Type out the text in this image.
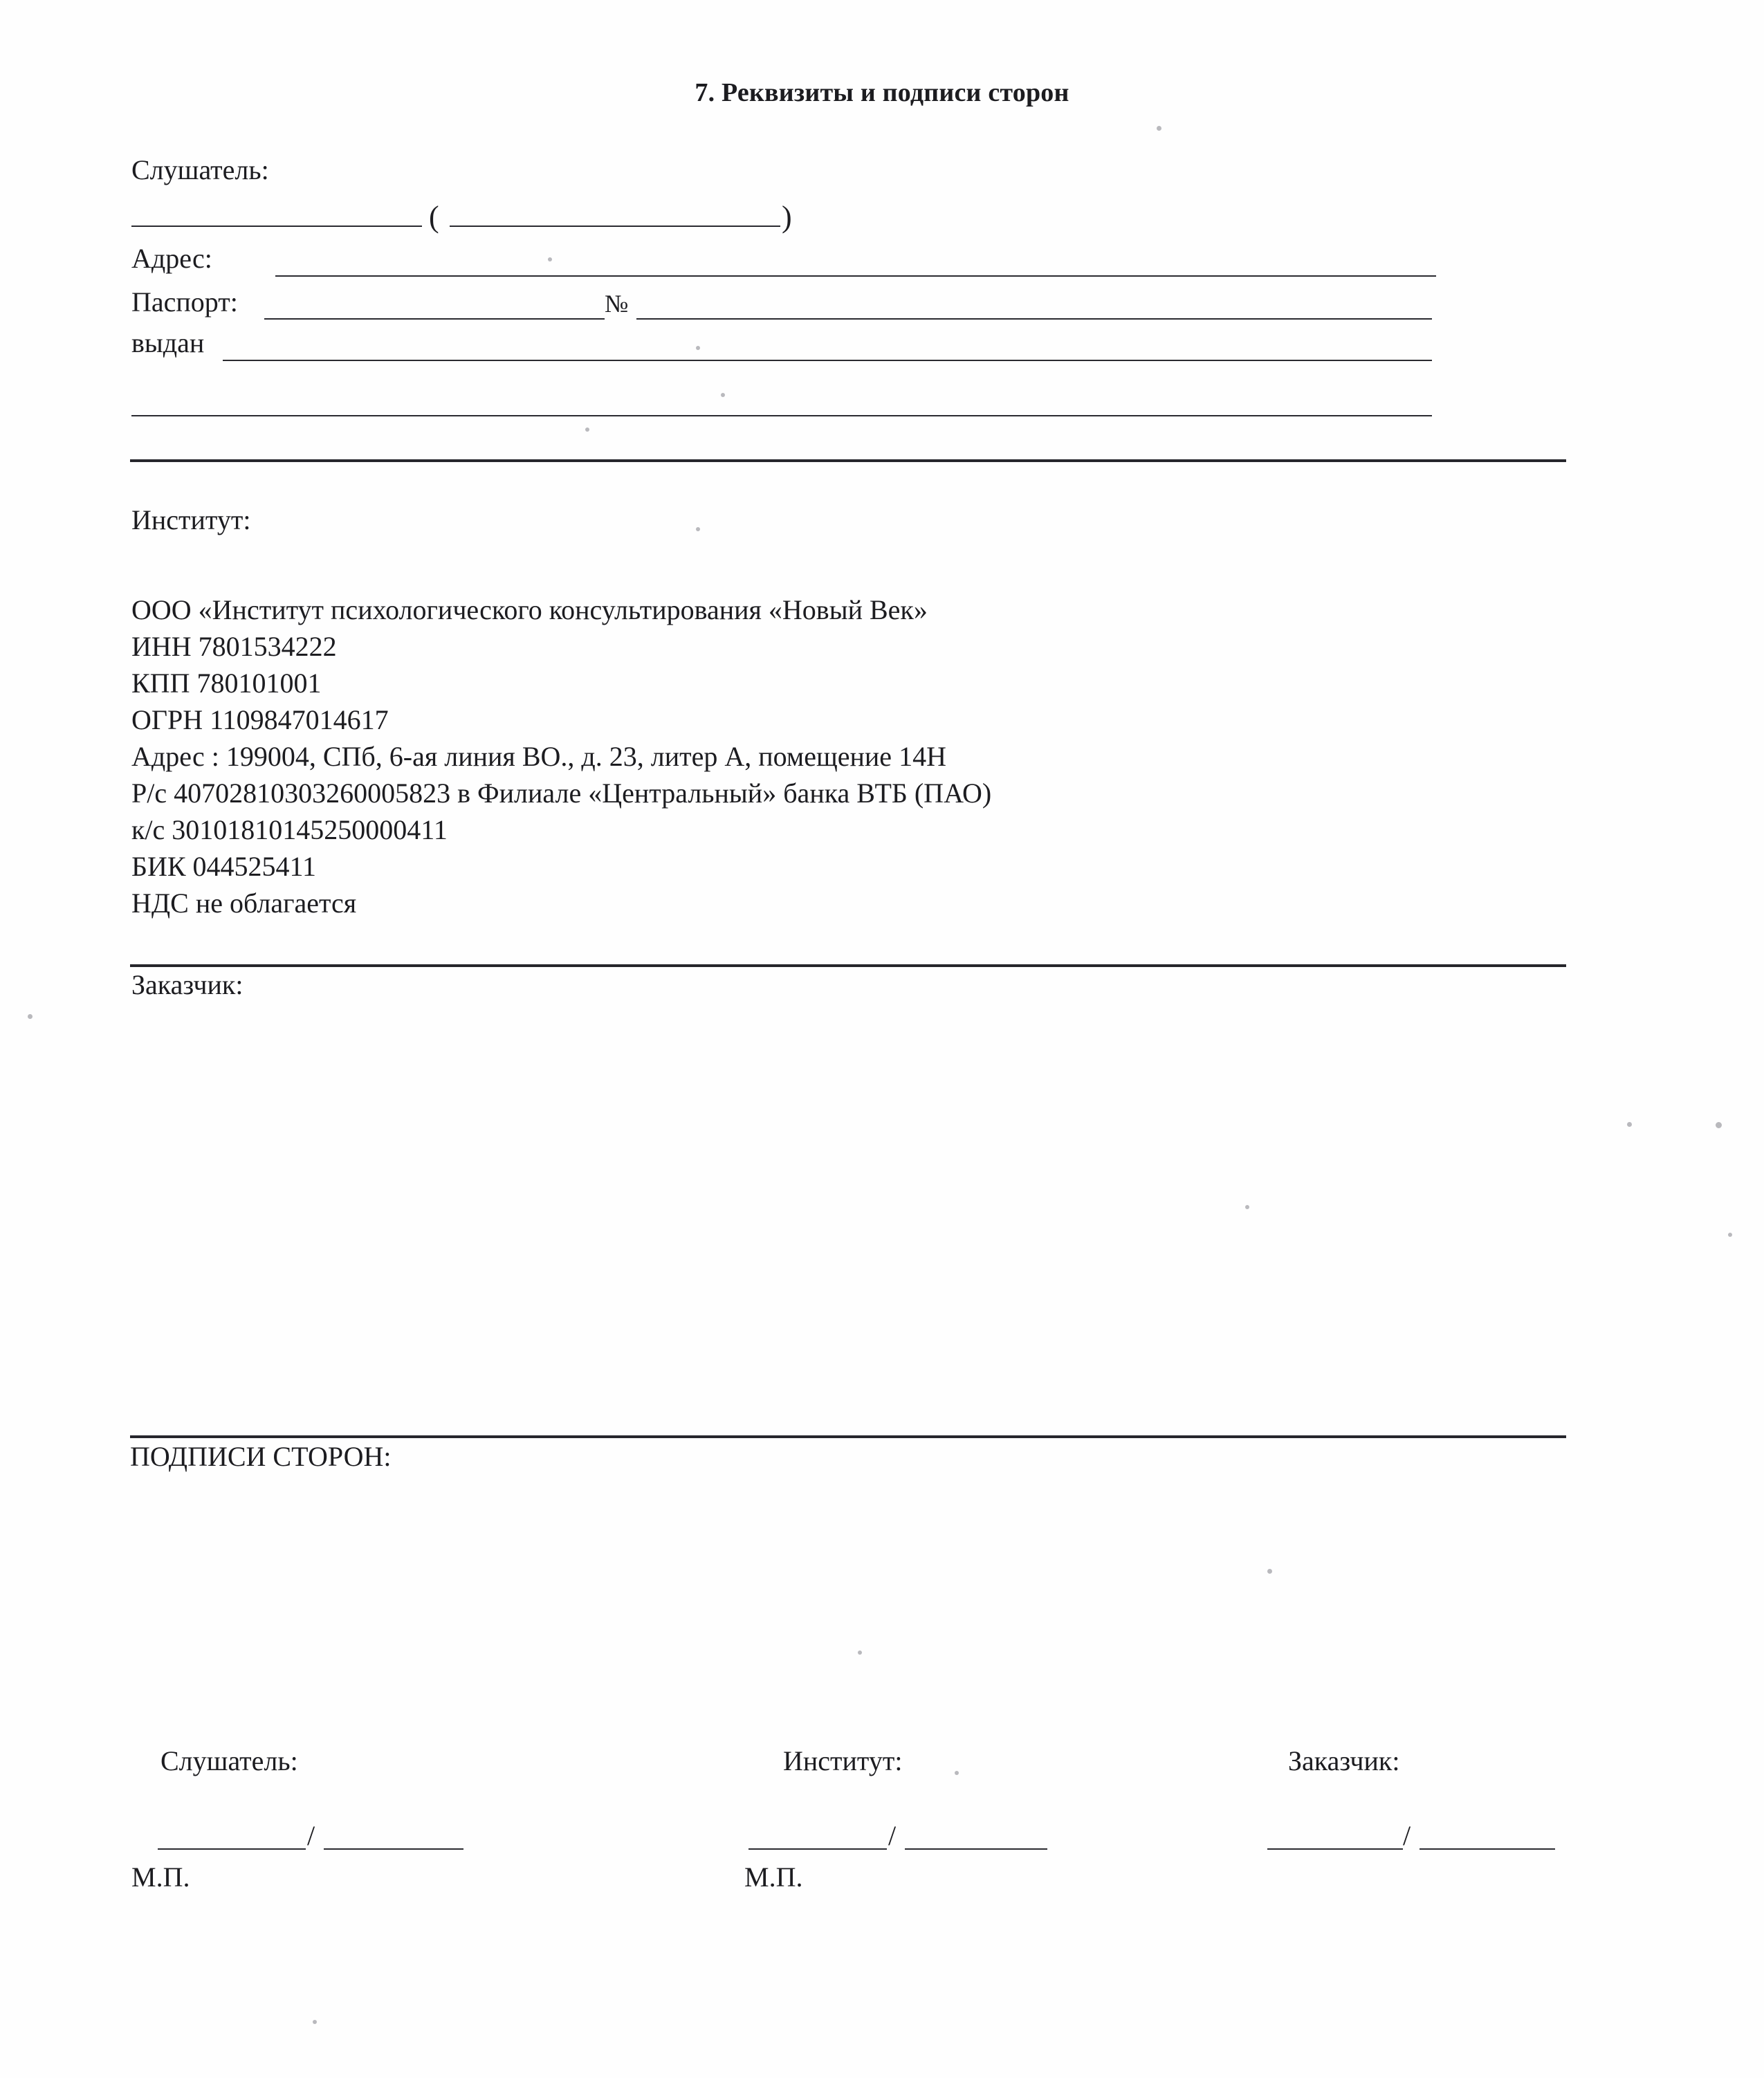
7. Реквизиты и подписи сторон
Слушатель:
(	)
Адрес:
Паспорт:	№
выдан
Институт:
ООО «Институт психологического консультирования «Новый Век»
ИНН 7801534222
КПП 780101001
ОГРН 1109847014617
Адрес : 199004, СПб, 6-ая линия ВО., д. 23, литер А, помещение 14Н
Р/с 40702810303260005823 в Филиале «Центральный» банка ВТБ (ПАО)
к/с 30101810145250000411
БИК 044525411
НДС не облагается
Заказчик:
ПОДПИСИ СТОРОН:
Слушатель:
/
М.П.
Институт:
/
М.П.
Заказчик:
/
